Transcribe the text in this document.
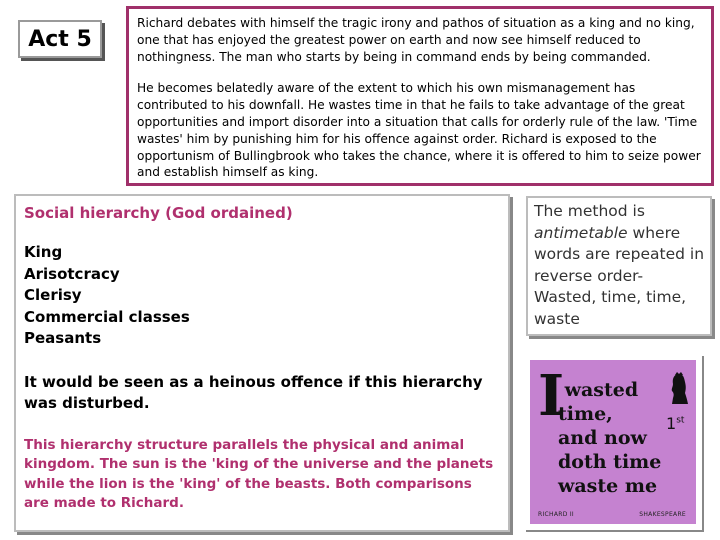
Act 5

Richard debates with himself the tragic irony and pathos of situation as a king and no king, one that has enjoyed the greatest power on earth and now see himself reduced to nothingness. The man who starts by being in command ends by being commanded.

He becomes belatedly aware of the extent to which his own mismanagement has contributed to his downfall. He wastes time in that he fails to take advantage of the great opportunities and import disorder into a situation that calls for orderly rule of the law. 'Time wastes' him by punishing him for his offence against order. Richard is exposed to the opportunism of Bullingbrook who takes the chance, where it is offered to him to seize power and establish himself as king.

Social hierarchy (God ordained)

King
Arisotcracy
Clerisy
Commercial classes
Peasants

It would be seen as a heinous offence if this hierarchy was disturbed.

This hierarchy structure parallels the physical and animal kingdom. The sun is the 'king of the universe and the planets while the lion is the 'king' of the beasts. Both comparisons are made to Richard.

The method is antimetable where words are repeated in reverse order- Wasted, time, time, waste
I wasted
time,
and now
doth time
waste me
1st
RICHARD II	SHAKESPEARE
